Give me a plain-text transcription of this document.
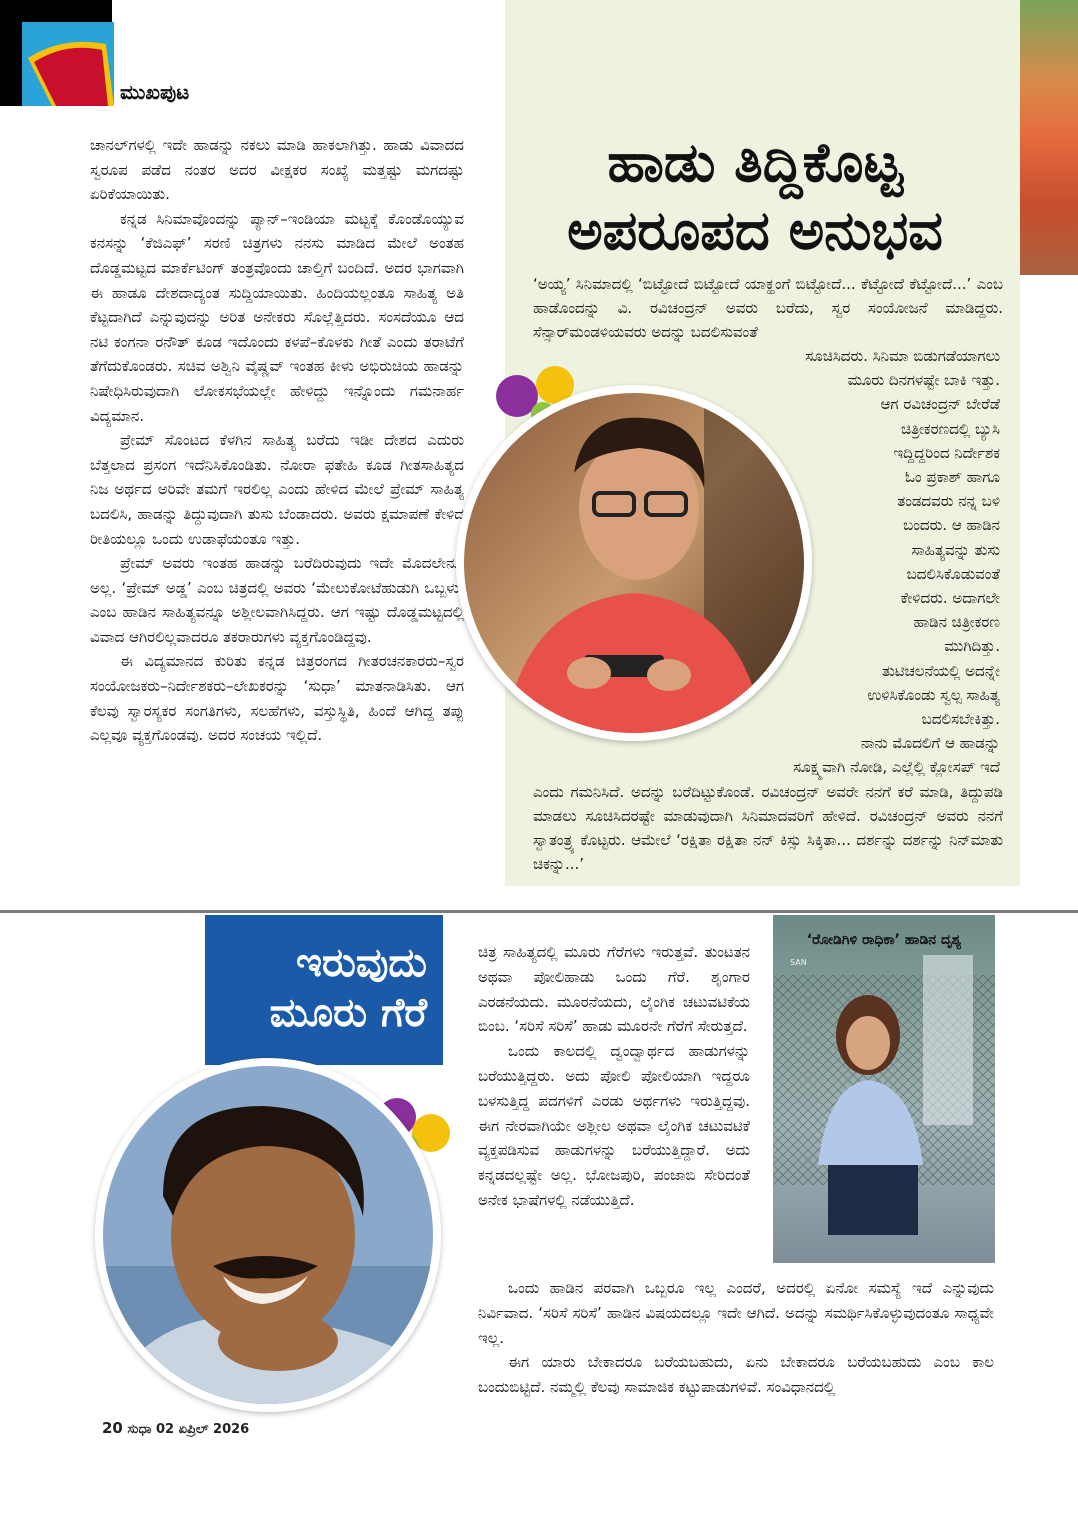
ಮುಖಪುಟ
ಹಾಡು ತಿದ್ದಿಕೊಟ್ಟ
ಅಪರೂಪದ ಅನುಭವ

ಚಾನಲ್‌ಗಳಲ್ಲಿ ಇದೇ ಹಾಡನ್ನು ನಕಲು ಮಾಡಿ ಹಾಕಲಾಗಿತ್ತು. ಹಾಡು ವಿವಾದದ ಸ್ವರೂಪ ಪಡೆದ ನಂತರ ಅದರ ವೀಕ್ಷಕರ ಸಂಖ್ಯೆ ಮತ್ತಷ್ಟು ಮಗದಷ್ಟು ಏರಿಕೆಯಾಯಿತು.

ಕನ್ನಡ ಸಿನಿಮಾವೊಂದನ್ನು ಪ್ಯಾನ್–ಇಂಡಿಯಾ ಮಟ್ಟಕ್ಕೆ ಕೊಂಡೊಯ್ಯುವ ಕನಸನ್ನು ‘ಕೆಜಿಎಫ್’ ಸರಣಿ ಚಿತ್ರಗಳು ನನಸು ಮಾಡಿದ ಮೇಲೆ ಅಂತಹ ದೊಡ್ಡಮಟ್ಟದ ಮಾರ್ಕೆಟಿಂಗ್ ತಂತ್ರವೊಂದು ಚಾಲ್ತಿಗೆ ಬಂದಿದೆ. ಅದರ ಭಾಗವಾಗಿ ಈ ಹಾಡೂ ದೇಶದಾದ್ಯಂತ ಸುದ್ದಿಯಾಯಿತು. ಹಿಂದಿಯಲ್ಲಂತೂ ಸಾಹಿತ್ಯ ಅತಿ ಕೆಟ್ಟದಾಗಿದೆ ಎನ್ನುವುದನ್ನು ಅರಿತ ಅನೇಕರು ಸೊಲ್ಲೆತ್ತಿದರು. ಸಂಸದೆಯೂ ಆದ ನಟಿ ಕಂಗನಾ ರನೌತ್ ಕೂಡ ಇದೊಂದು ಕಳಪೆ–ಕೊಳಕು ಗೀತೆ ಎಂದು ತರಾಟೆಗೆ ತೆಗೆದುಕೊಂಡರು. ಸಚಿವ ಅಶ್ವಿನಿ ವೈಷ್ಣವ್ ಇಂತಹ ಕೀಳು ಅಭಿರುಚಿಯ ಹಾಡನ್ನು ನಿಷೇಧಿಸಿರುವುದಾಗಿ ಲೋಕಸಭೆಯಲ್ಲೇ ಹೇಳಿದ್ದು ಇನ್ನೊಂದು ಗಮನಾರ್ಹ ವಿದ್ಯಮಾನ.

ಪ್ರೇಮ್ ಸೊಂಟದ ಕೆಳಗಿನ ಸಾಹಿತ್ಯ ಬರೆದು ಇಡೀ ದೇಶದ ಎದುರು ಬೆತ್ತಲಾದ ಪ್ರಸಂಗ ಇದೆನಿಸಿಕೊಂಡಿತು. ನೋರಾ ಫತೇಹಿ ಕೂಡ ಗೀತಸಾಹಿತ್ಯದ ನಿಜ ಅರ್ಥದ ಅರಿವೇ ತಮಗೆ ಇರಲಿಲ್ಲ ಎಂದು ಹೇಳಿದ ಮೇಲೆ ಪ್ರೇಮ್ ಸಾಹಿತ್ಯ ಬದಲಿಸಿ, ಹಾಡನ್ನು ತಿದ್ದುವುದಾಗಿ ತುಸು ಬೆಂಡಾದರು. ಅವರು ಕ್ಷಮಾಪಣೆ ಕೇಳಿದ ರೀತಿಯಲ್ಲೂ ಒಂದು ಉಡಾಫೆಯಂತೂ ಇತ್ತು.

ಪ್ರೇಮ್ ಅವರು ಇಂತಹ ಹಾಡನ್ನು ಬರೆದಿರುವುದು ಇದೇ ಮೊದಲೇನೂ ಅಲ್ಲ. ‘ಪ್ರೇಮ್ ಅಡ್ಡ’ ಎಂಬ ಚಿತ್ರದಲ್ಲಿ ಅವರು ‘ಮೇಲುಕೋಟೆಹುಡುಗಿ ಒಬ್ಬಳು’ ಎಂಬ ಹಾಡಿನ ಸಾಹಿತ್ಯವನ್ನೂ ಅಶ್ಲೀಲವಾಗಿಸಿದ್ದರು. ಆಗ ಇಷ್ಟು ದೊಡ್ಡಮಟ್ಟದಲ್ಲಿ ವಿವಾದ ಆಗಿರಲಿಲ್ಲವಾದರೂ ತಕರಾರುಗಳು ವ್ಯಕ್ತಗೊಂಡಿದ್ದವು.

ಈ ವಿದ್ಯಮಾನದ ಕುರಿತು ಕನ್ನಡ ಚಿತ್ರರಂಗದ ಗೀತರಚನಕಾರರು–ಸ್ವರ ಸಂಯೋಜಕರು–ನಿರ್ದೇಶಕರು–ಲೇಖಕರನ್ನು ‘ಸುಧಾ’ ಮಾತನಾಡಿಸಿತು. ಆಗ ಕೆಲವು ಸ್ವಾರಸ್ಯಕರ ಸಂಗತಿಗಳು, ಸಲಹೆಗಳು, ವಸ್ತುಸ್ಥಿತಿ, ಹಿಂದೆ ಆಗಿದ್ದ ತಪ್ಪು ಎಲ್ಲವೂ ವ್ಯಕ್ತಗೊಂಡವು. ಅದರ ಸಂಚಯ ಇಲ್ಲಿದೆ.

‘ಅಯ್ಯ’ ಸಿನಿಮಾದಲ್ಲಿ ‘ಬಿಟ್ಟೋದೆ ಬಿಟ್ಟೋದೆ ಯಾಕ್ಹಂಗೆ ಬಿಟ್ಟೋದೆ... ಕೆಟ್ಟೋದೆ ಕೆಟ್ಟೋದೆ...’ ಎಂಬ ಹಾಡೊಂದನ್ನು ವಿ. ರವಿಚಂದ್ರನ್ ಅವರು ಬರೆದು, ಸ್ವರ ಸಂಯೋಜನೆ ಮಾಡಿದ್ದರು. ಸೆನ್ಸಾರ್‌ಮಂಡಳಿಯವರು ಅದನ್ನು ಬದಲಿಸುವಂತೆ
ಸೂಚಿಸಿದರು. ಸಿನಿಮಾ ಬಿಡುಗಡೆಯಾಗಲು
ಮೂರು ದಿನಗಳಷ್ಟೇ ಬಾಕಿ ಇತ್ತು.
ಆಗ ರವಿಚಂದ್ರನ್ ಬೇರೆಡೆ
ಚಿತ್ರೀಕರಣದಲ್ಲಿ ಬ್ಯುಸಿ
ಇದ್ದಿದ್ದರಿಂದ ನಿರ್ದೇಶಕ
ಓಂ ಪ್ರಕಾಶ್ ಹಾಗೂ
ತಂಡದವರು ನನ್ನ ಬಳಿ
ಬಂದರು. ಆ ಹಾಡಿನ
ಸಾಹಿತ್ಯವನ್ನು ತುಸು
ಬದಲಿಸಿಕೊಡುವಂತೆ
ಕೇಳಿದರು. ಅದಾಗಲೇ
ಹಾಡಿನ ಚಿತ್ರೀಕರಣ
ಮುಗಿದಿತ್ತು.
ತುಟಿಚಲನೆಯಲ್ಲಿ ಅದನ್ನೇ
ಉಳಿಸಿಕೊಂಡು ಸ್ವಲ್ಪ ಸಾಹಿತ್ಯ
ಬದಲಿಸಬೇಕಿತ್ತು.
ನಾನು ಮೊದಲಿಗೆ ಆ ಹಾಡನ್ನು
ಸೂಕ್ಷ್ಮವಾಗಿ ನೋಡಿ, ಎಲ್ಲೆಲ್ಲಿ ಕ್ಲೋಸಪ್ ಇದೆ
ಎಂದು ಗಮನಿಸಿದೆ. ಅದನ್ನು ಬರೆದಿಟ್ಟುಕೊಂಡೆ. ರವಿಚಂದ್ರನ್ ಅವರೇ ನನಗೆ ಕರೆ ಮಾಡಿ, ತಿದ್ದುಪಡಿ ಮಾಡಲು ಸೂಚಿಸಿದರಷ್ಟೇ ಮಾಡುವುದಾಗಿ ಸಿನಿಮಾದವರಿಗೆ ಹೇಳಿದೆ. ರವಿಚಂದ್ರನ್ ಅವರು ನನಗೆ ಸ್ವಾತಂತ್ರ್ಯ ಕೊಟ್ಟರು. ಆಮೇಲೆ ‘ರಕ್ಷಿತಾ ರಕ್ಷಿತಾ ನನ್ ಕಿಸ್ಸು ಸಿಕ್ಕಿತಾ... ದರ್ಶನ್ನು ದರ್ಶನ್ನು ನಿನ್‌ಮಾತು ಚಿಕನ್ನು...’
ಇರುವುದು
ಮೂರು ಗೆರೆ

ಚಿತ್ರ ಸಾಹಿತ್ಯದಲ್ಲಿ ಮೂರು ಗೆರೆಗಳು ಇರುತ್ತವೆ. ತುಂಟತನ ಅಥವಾ ಪೋಲಿಹಾಡು ಒಂದು ಗೆರೆ. ಶೃಂಗಾರ ಎರಡನೆಯದು. ಮೂರನೆಯದು, ಲೈಂಗಿಕ ಚಟುವಟಿಕೆಯ ಬಿಂಬ. ‘ಸರಿಸೆ ಸರಿಸೆ’ ಹಾಡು ಮೂರನೇ ಗೆರೆಗೆ ಸೇರುತ್ತದೆ.

ಒಂದು ಕಾಲದಲ್ಲಿ ದ್ವಂದ್ವಾರ್ಥದ ಹಾಡುಗಳನ್ನು ಬರೆಯುತ್ತಿದ್ದರು. ಅದು ಪೋಲಿ ಪೋಲಿಯಾಗಿ ಇದ್ದರೂ ಬಳಸುತ್ತಿದ್ದ ಪದಗಳಿಗೆ ಎರಡು ಅರ್ಥಗಳು ಇರುತ್ತಿದ್ದವು. ಈಗ ನೇರವಾಗಿಯೇ ಅಶ್ಲೀಲ ಅಥವಾ ಲೈಂಗಿಕ ಚಟುವಟಿಕೆ ವ್ಯಕ್ತಪಡಿಸುವ ಹಾಡುಗಳನ್ನು ಬರೆಯುತ್ತಿದ್ದಾರೆ. ಅದು ಕನ್ನಡದಲ್ಲಷ್ಟೇ ಅಲ್ಲ. ಭೋಜಪುರಿ, ಪಂಜಾಬಿ ಸೇರಿದಂತೆ ಅನೇಕ ಭಾಷೆಗಳಲ್ಲಿ ನಡೆಯುತ್ತಿದೆ.

ಒಂದು ಹಾಡಿನ ಪರವಾಗಿ ಒಬ್ಬರೂ ಇಲ್ಲ ಎಂದರೆ, ಅದರಲ್ಲಿ ಏನೋ ಸಮಸ್ಯೆ ಇದೆ ಎನ್ನುವುದು ನಿರ್ವಿವಾದ. ‘ಸರಿಸೆ ಸರಿಸೆ’ ಹಾಡಿನ ವಿಷಯದಲ್ಲೂ ಇದೇ ಆಗಿದೆ. ಅದನ್ನು ಸಮರ್ಥಿಸಿಕೊಳ್ಳುವುದಂತೂ ಸಾಧ್ಯವೇ ಇಲ್ಲ.

ಈಗ ಯಾರು ಬೇಕಾದರೂ ಬರೆಯಬಹುದು, ಏನು ಬೇಕಾದರೂ ಬರೆಯಬಹುದು ಎಂಬ ಕಾಲ ಬಂದುಬಿಟ್ಟಿದೆ. ನಮ್ಮಲ್ಲಿ ಕೆಲವು ಸಾಮಾಜಿಕ ಕಟ್ಟುಪಾಡುಗಳಿವೆ. ಸಂವಿಧಾನದಲ್ಲಿ

‘ರೋಡಿಗಿಳಿ ರಾಧಿಕಾ’ ಹಾಡಿನ ದೃಶ್ಯ
SAN
20 ಸುಧಾ 02 ಏಪ್ರಿಲ್ 2026
